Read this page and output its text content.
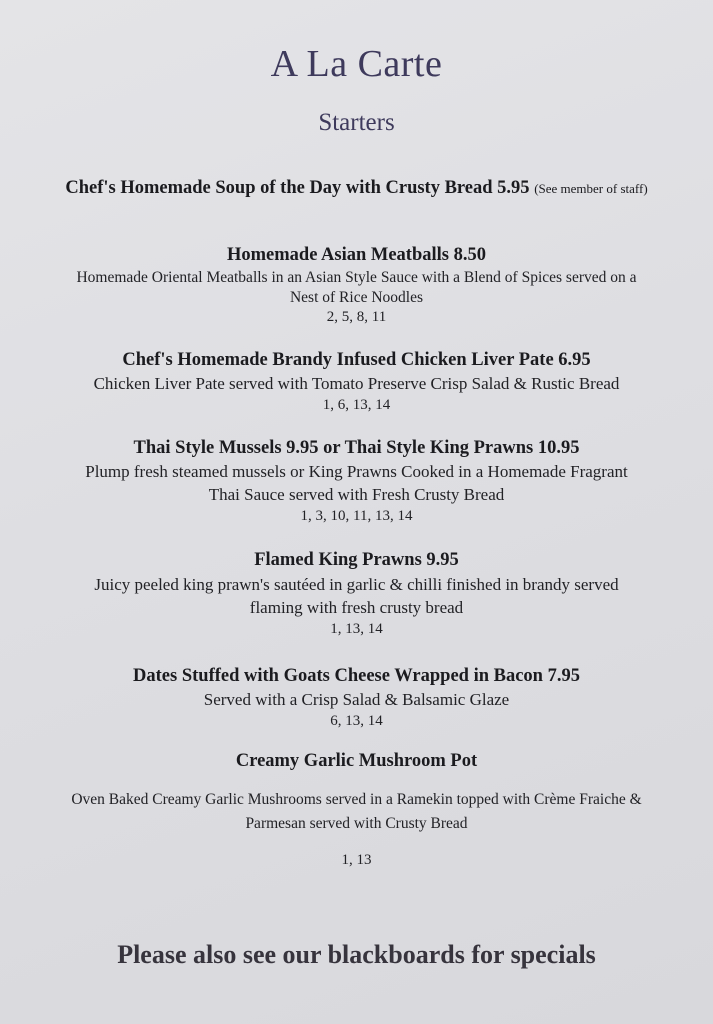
A La Carte
Starters
Chef's Homemade Soup of the Day with Crusty Bread 5.95 (See member of staff)
Homemade Asian Meatballs 8.50
Homemade Oriental Meatballs in an Asian Style Sauce with a Blend of Spices served on a
Nest of Rice Noodles
2, 5, 8, 11
Chef's Homemade Brandy Infused Chicken Liver Pate 6.95
Chicken Liver Pate served with Tomato Preserve Crisp Salad & Rustic Bread
1, 6, 13, 14
Thai Style Mussels 9.95 or Thai Style King Prawns 10.95
Plump fresh steamed mussels or King Prawns Cooked in a Homemade Fragrant
Thai Sauce served with Fresh Crusty Bread
1, 3, 10, 11, 13, 14
Flamed King Prawns 9.95
Juicy peeled king prawn's sautéed in garlic & chilli finished in brandy served
flaming with fresh crusty bread
1, 13, 14
Dates Stuffed with Goats Cheese Wrapped in Bacon 7.95
Served with a Crisp Salad & Balsamic Glaze
6, 13, 14
Creamy Garlic Mushroom Pot
Oven Baked Creamy Garlic Mushrooms served in a Ramekin topped with Crème Fraiche &
Parmesan served with Crusty Bread
1, 13
Please also see our blackboards for specials
